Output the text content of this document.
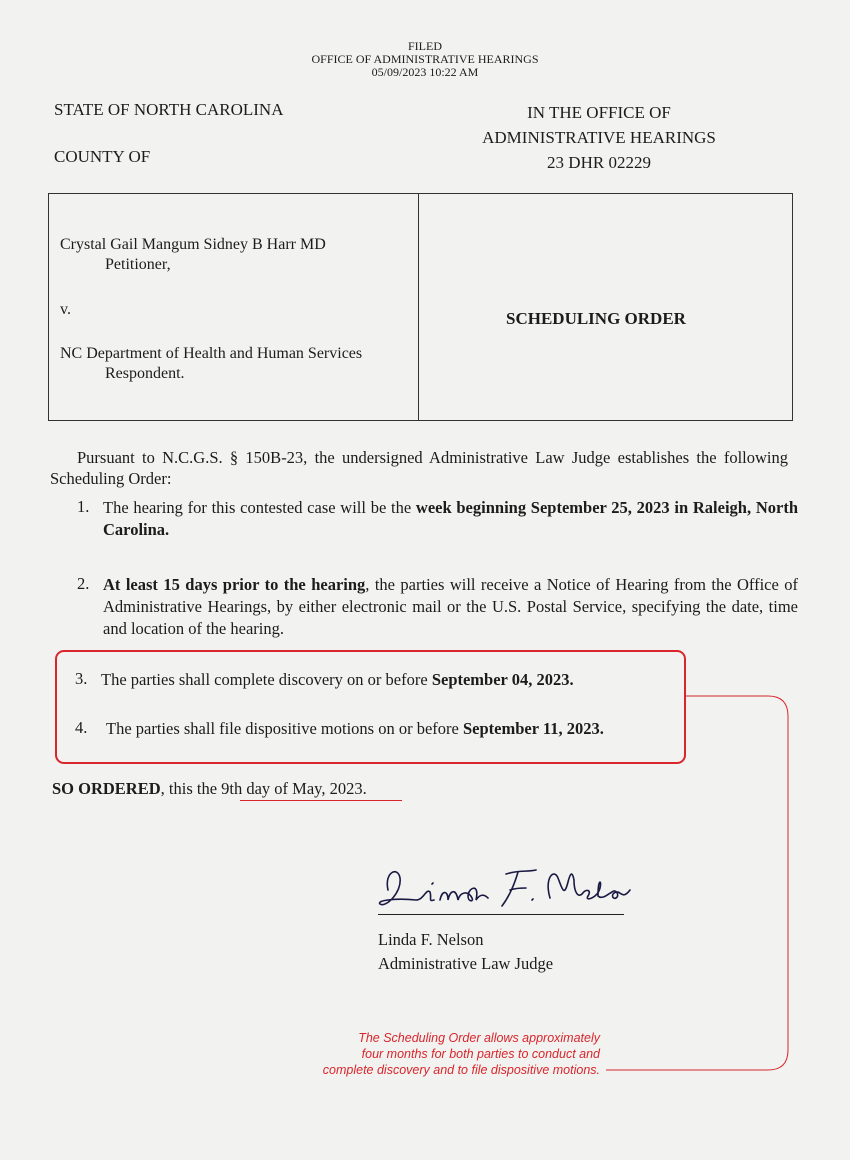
FILED
OFFICE OF ADMINISTRATIVE HEARINGS
05/09/2023 10:22 AM
STATE OF NORTH CAROLINA
COUNTY OF
IN THE OFFICE OF
ADMINISTRATIVE HEARINGS
23 DHR 02229
Crystal Gail Mangum Sidney B Harr MD
Petitioner,
v.
NC Department of Health and Human Services
Respondent.
SCHEDULING ORDER
Pursuant to N.C.G.S. § 150B-23, the undersigned Administrative Law Judge establishes the following Scheduling Order:
1. The hearing for this contested case will be the week beginning September 25, 2023 in Raleigh, North Carolina.
2. At least 15 days prior to the hearing, the parties will receive a Notice of Hearing from the Office of Administrative Hearings, by either electronic mail or the U.S. Postal Service, specifying the date, time and location of the hearing.
3. The parties shall complete discovery on or before September 04, 2023.
4. The parties shall file dispositive motions on or before September 11, 2023.
SO ORDERED, this the 9th day of May, 2023.
Linda F. Nelson
Linda F. Nelson
Administrative Law Judge
The Scheduling Order allows approximately
four months for both parties to conduct and
complete discovery and to file dispositive motions.
